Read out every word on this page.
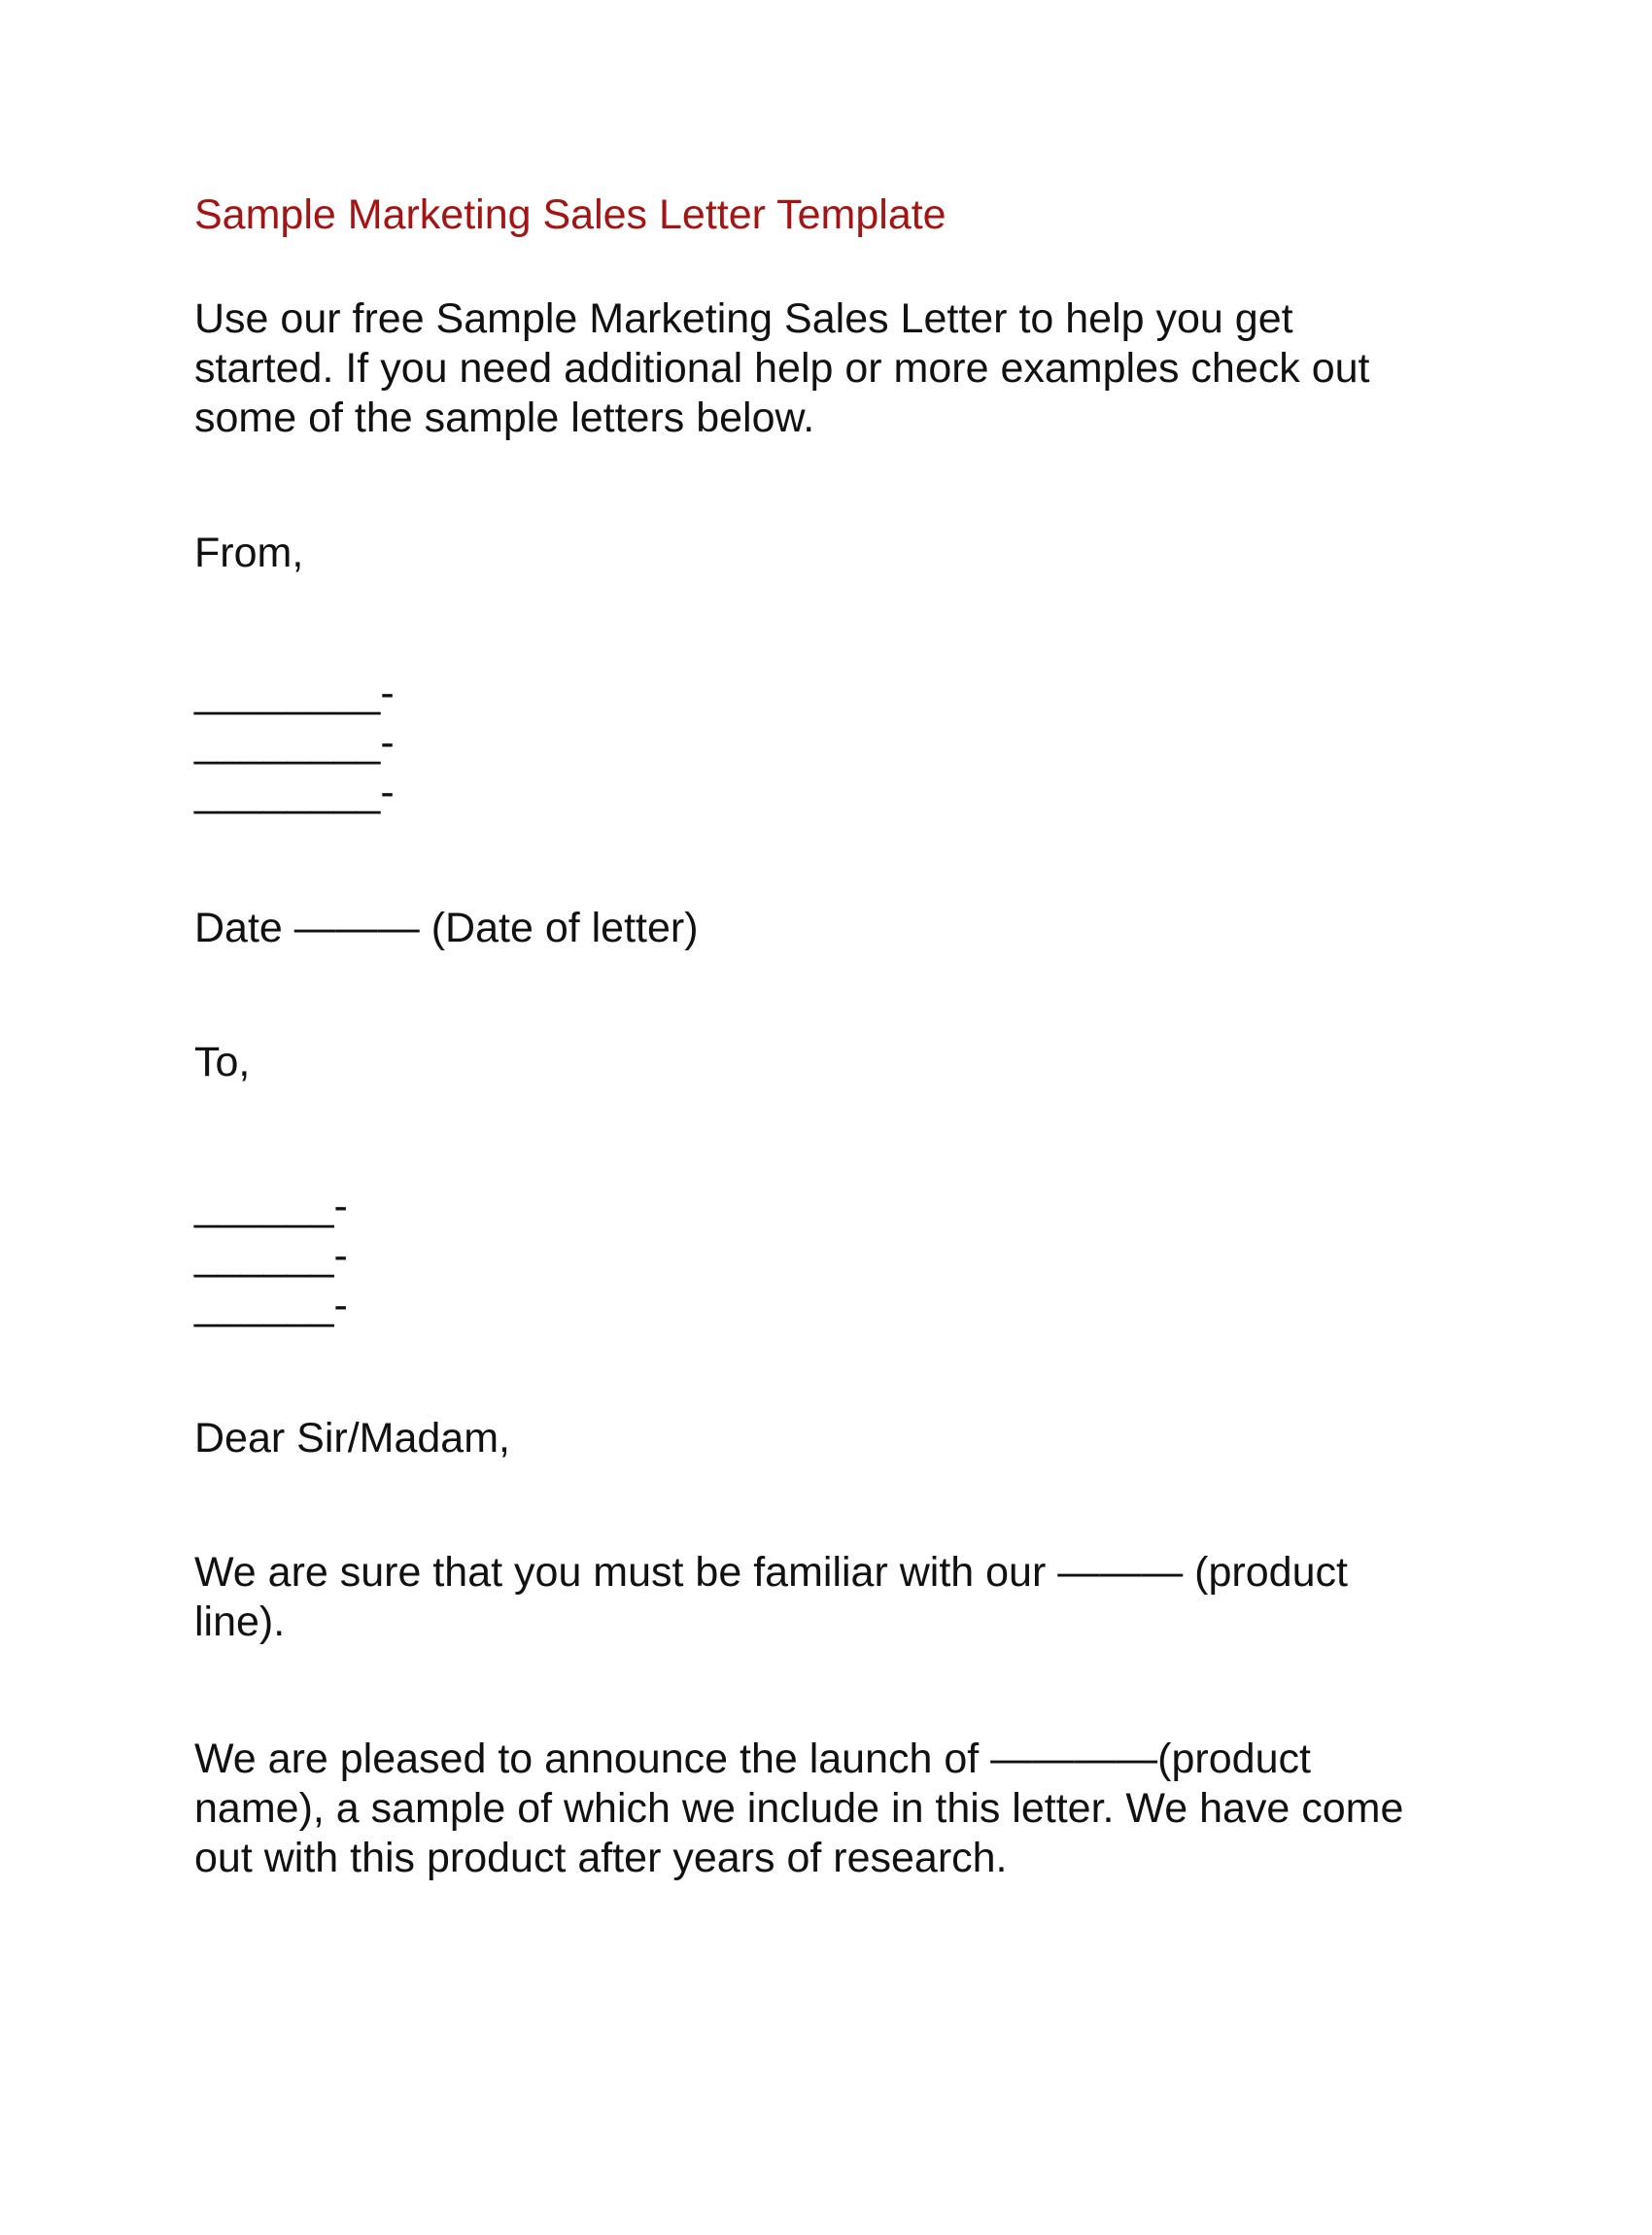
Sample Marketing Sales Letter Template
Use our free Sample Marketing Sales Letter to help you get
started. If you need additional help or more examples check out
some of the sample letters below.
From,
________-
________-
________-
Date ——— (Date of letter)
To,
______-
______-
______-
Dear Sir/Madam,
We are sure that you must be familiar with our ——— (product
line).
We are pleased to announce the launch of ————(product
name), a sample of which we include in this letter. We have come
out with this product after years of research.
